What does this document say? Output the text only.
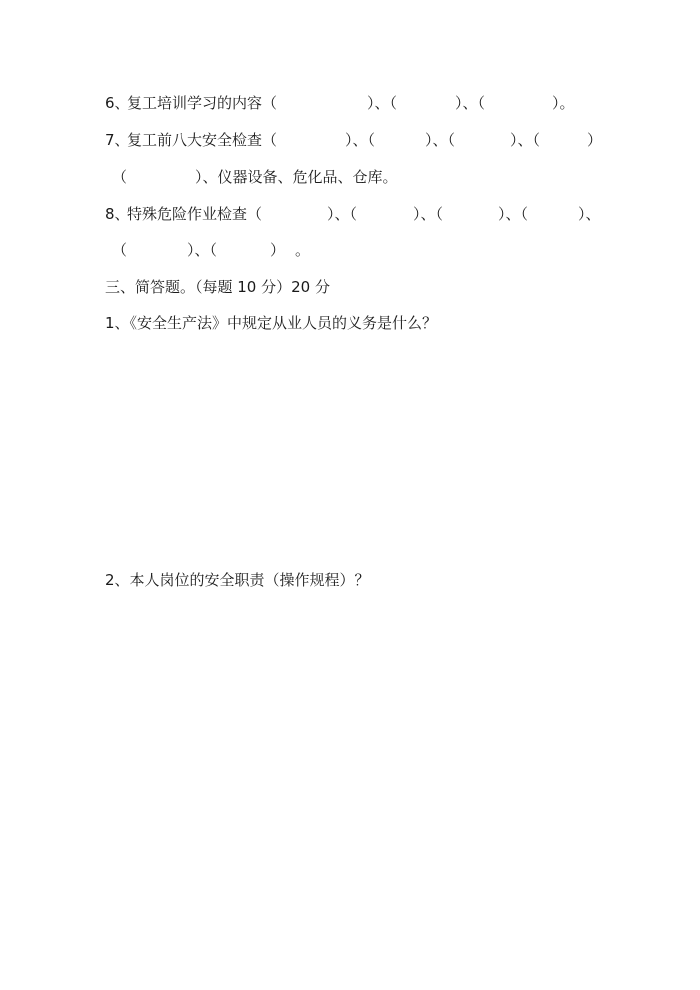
6、

复工培训学习的内容（

	）、（

	）、（

	）。

7、

复工前八大安全检查（

	）、（

	）、（

	）、（

	）

（

	）、仪器设备、危化品、仓库。

8、

特殊危险作业检查（

	）、（

	）、（

	）、（

	）、

（

	）、（

	）

。

三、简答题。（每题 10 分）20 分
1、《安全生产法》中规定从业人员的义务是什么？
2、本人岗位的安全职责（操作规程）？
